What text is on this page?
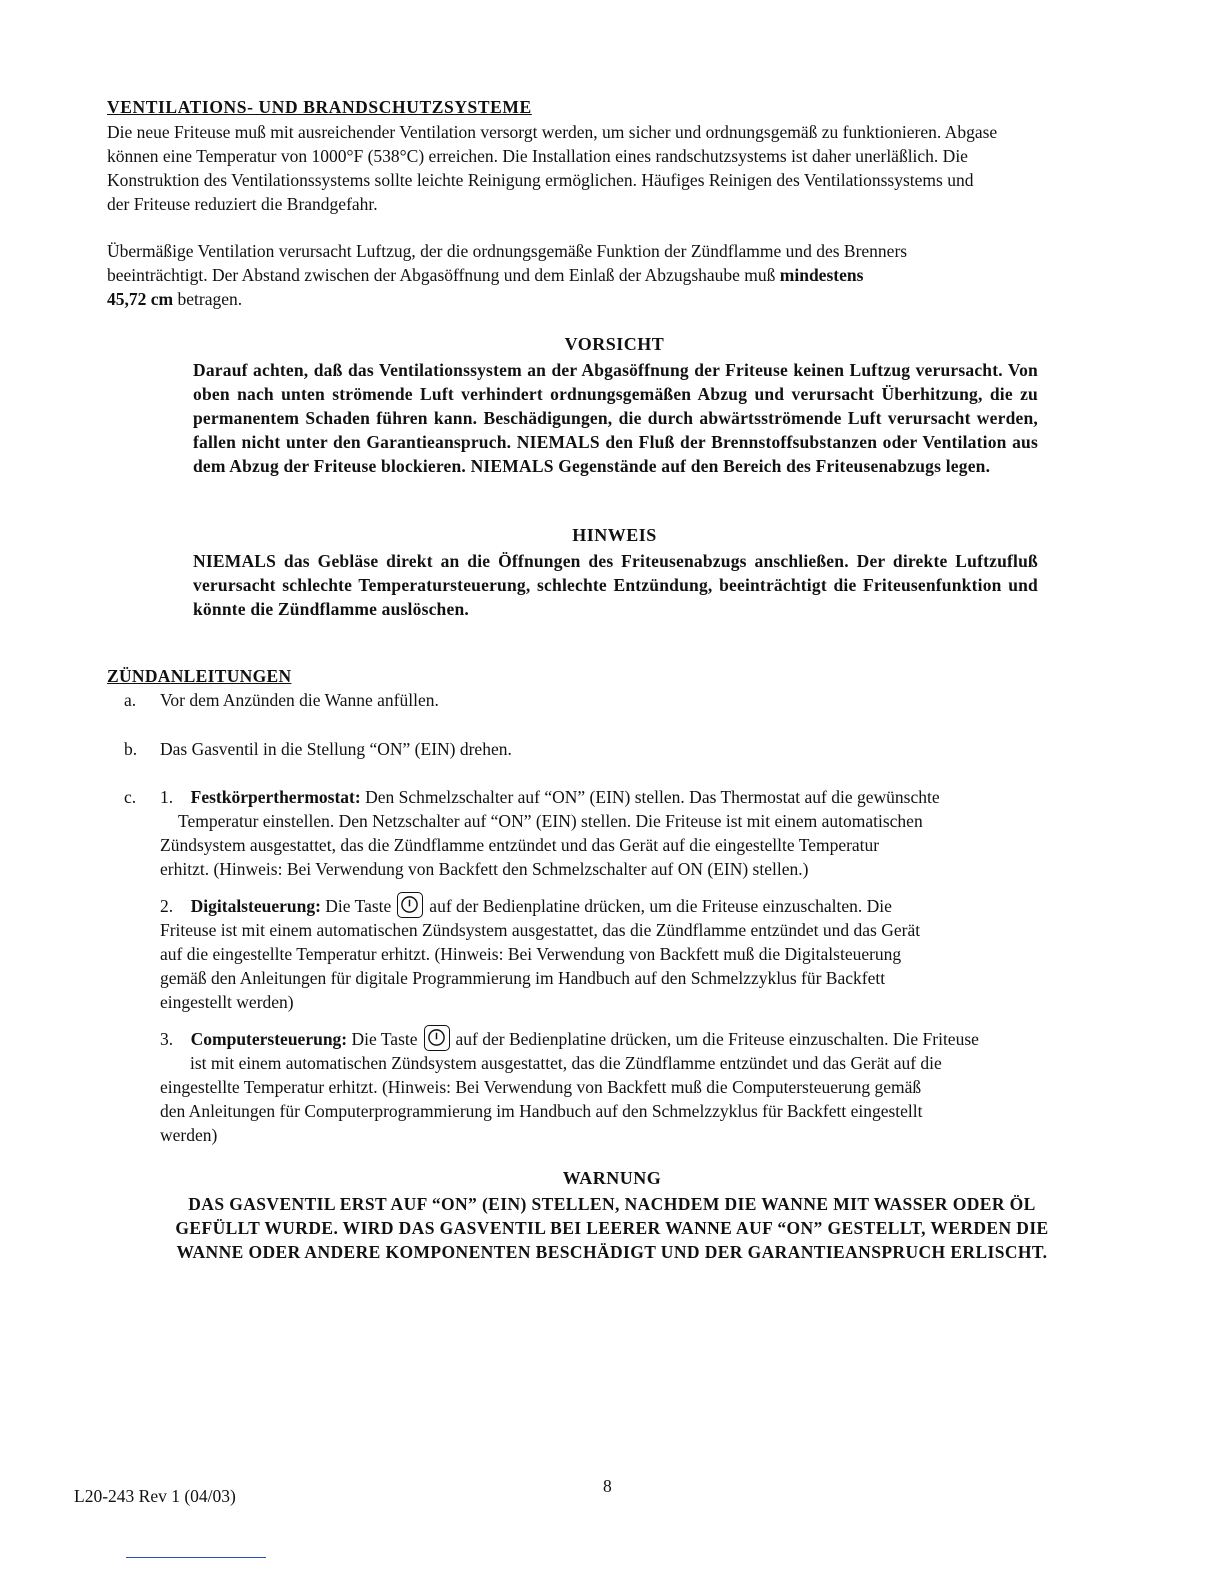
VENTILATIONS- UND BRANDSCHUTZSYSTEME
Die neue Friteuse muß mit ausreichender Ventilation versorgt werden, um sicher und ordnungsgemäß zu funktionieren. Abgase
können eine Temperatur von 1000°F (538°C) erreichen. Die Installation eines randschutzsystems ist daher unerläßlich. Die
Konstruktion des Ventilationssystems sollte leichte Reinigung ermöglichen. Häufiges Reinigen des Ventilationssystems und
der Friteuse reduziert die Brandgefahr.
Übermäßige Ventilation verursacht Luftzug, der die ordnungsgemäße Funktion der Zündflamme und des Brenners
beeinträchtigt. Der Abstand zwischen der Abgasöffnung und dem Einlaß der Abzugshaube muß mindestens
45,72 cm betragen.
VORSICHT
Darauf achten, daß das Ventilationssystem an der Abgasöffnung der Friteuse keinen Luftzug verursacht. Von oben nach unten strömende Luft verhindert ordnungsgemäßen Abzug und verursacht Überhitzung, die zu permanentem Schaden führen kann. Beschädigungen, die durch abwärtsströmende Luft verursacht werden, fallen nicht unter den Garantieanspruch. NIEMALS den Fluß der Brennstoffsubstanzen oder Ventilation aus dem Abzug der Friteuse blockieren. NIEMALS Gegenstände auf den Bereich des Friteusenabzugs legen.
HINWEIS
NIEMALS das Gebläse direkt an die Öffnungen des Friteusenabzugs anschließen. Der direkte Luftzufluß verursacht schlechte Temperatursteuerung, schlechte Entzündung, beeinträchtigt die Friteusenfunktion und könnte die Zündflamme auslöschen.
ZÜNDANLEITUNGEN
a. Vor dem Anzünden die Wanne anfüllen.
b. Das Gasventil in die Stellung “ON” (EIN) drehen.
c. 1. Festkörperthermostat: Den Schmelzschalter auf “ON” (EIN) stellen. Das Thermostat auf die gewünschte
Temperatur einstellen. Den Netzschalter auf “ON” (EIN) stellen. Die Friteuse ist mit einem automatischen
Zündsystem ausgestattet, das die Zündflamme entzündet und das Gerät auf die eingestellte Temperatur
erhitzt. (Hinweis: Bei Verwendung von Backfett den Schmelzschalter auf ON (EIN) stellen.)
2. Digitalsteuerung: Die Taste auf der Bedienplatine drücken, um die Friteuse einzuschalten. Die
Friteuse ist mit einem automatischen Zündsystem ausgestattet, das die Zündflamme entzündet und das Gerät
auf die eingestellte Temperatur erhitzt. (Hinweis: Bei Verwendung von Backfett muß die Digitalsteuerung
gemäß den Anleitungen für digitale Programmierung im Handbuch auf den Schmelzzyklus für Backfett
eingestellt werden)
3. Computersteuerung: Die Taste auf der Bedienplatine drücken, um die Friteuse einzuschalten. Die Friteuse
ist mit einem automatischen Zündsystem ausgestattet, das die Zündflamme entzündet und das Gerät auf die
eingestellte Temperatur erhitzt. (Hinweis: Bei Verwendung von Backfett muß die Computersteuerung gemäß
den Anleitungen für Computerprogrammierung im Handbuch auf den Schmelzzyklus für Backfett eingestellt
werden)
WARNUNG
DAS GASVENTIL ERST AUF “ON” (EIN) STELLEN, NACHDEM DIE WANNE MIT WASSER ODER ÖL
GEFÜLLT WURDE. WIRD DAS GASVENTIL BEI LEERER WANNE AUF “ON” GESTELLT, WERDEN DIE
WANNE ODER ANDERE KOMPONENTEN BESCHÄDIGT UND DER GARANTIEANSPRUCH ERLISCHT.
L20-243 Rev 1 (04/03)	8
